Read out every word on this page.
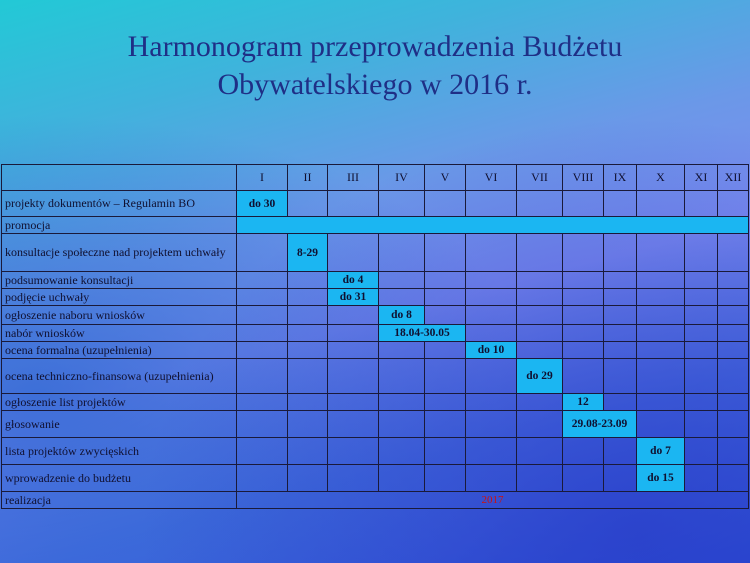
Harmonogram przeprowadzenia Budżetu
Obywatelskiego w 2016 r.
	I	II	III	IV	V	VI	VII	VIII	IX	X	XI	XII
projekty dokumentów – Regulamin BO	do 30											
promocja												
konsultacje społeczne nad projektem uchwały		8-29										
podsumowanie konsultacji			do 4									
podjęcie uchwały			do 31									
ogłoszenie naboru wniosków				do 8								
nabór wniosków				18.04-30.05								
ocena formalna (uzupełnienia)						do 10						
ocena techniczno-finansowa (uzupełnienia)							do 29					
ogłoszenie list projektów								12				
głosowanie								29.08-23.09				
lista projektów zwycięskich										do 7		
wprowadzenie do budżetu										do 15		
realizacja	2017											
